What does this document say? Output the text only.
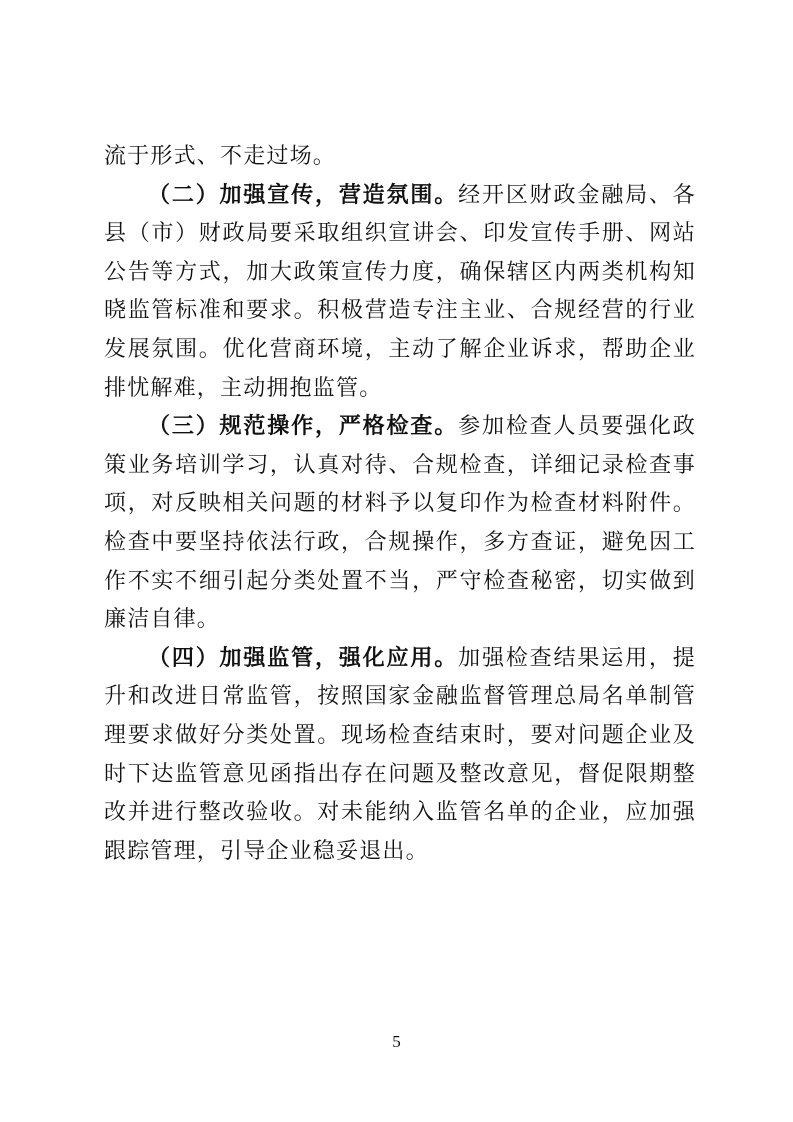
流于形式、不走过场。

（二）加强宣传，营造氛围。经开区财政金融局、各县（市）财政局要采取组织宣讲会、印发宣传手册、网站公告等方式，加大政策宣传力度，确保辖区内两类机构知晓监管标准和要求。积极营造专注主业、合规经营的行业发展氛围。优化营商环境，主动了解企业诉求，帮助企业排忧解难，主动拥抱监管。

（三）规范操作，严格检查。参加检查人员要强化政策业务培训学习，认真对待、合规检查，详细记录检查事项，对反映相关问题的材料予以复印作为检查材料附件。检查中要坚持依法行政，合规操作，多方查证，避免因工作不实不细引起分类处置不当，严守检查秘密，切实做到廉洁自律。

（四）加强监管，强化应用。加强检查结果运用，提升和改进日常监管，按照国家金融监督管理总局名单制管理要求做好分类处置。现场检查结束时，要对问题企业及时下达监管意见函指出存在问题及整改意见，督促限期整改并进行整改验收。对未能纳入监管名单的企业，应加强跟踪管理，引导企业稳妥退出。

5
